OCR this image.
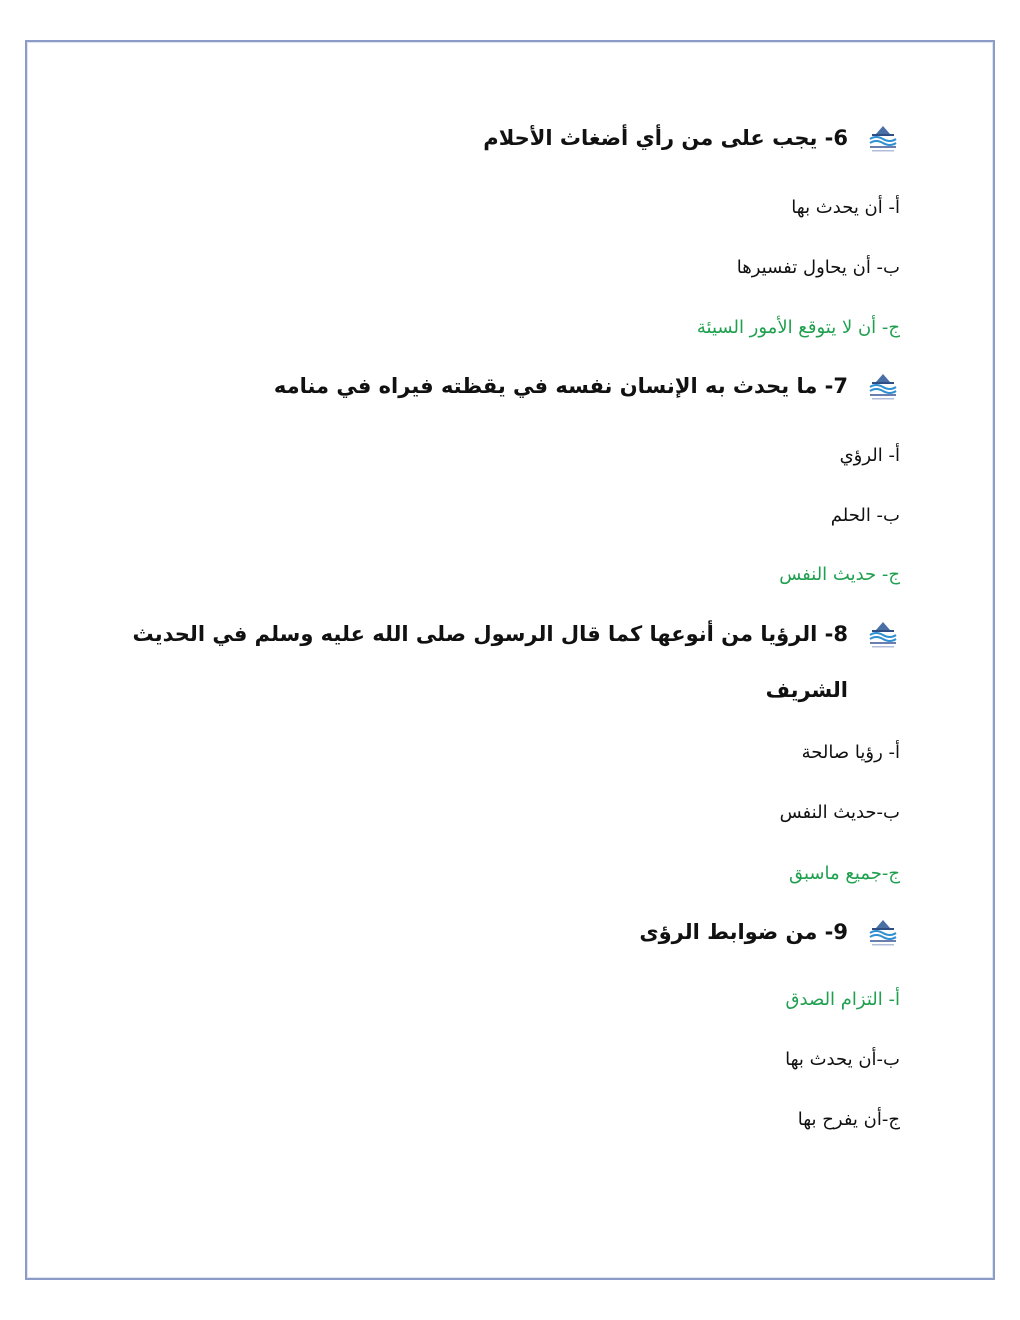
6- يجب على من رأي أضغاث الأحلام
أ- أن يحدث بها
ب- أن يحاول تفسيرها
ج- أن لا يتوقع الأمور السيئة
7- ما يحدث به الإنسان نفسه في يقظته فيراه في منامه
أ- الرؤي
ب- الحلم
ج- حديث النفس
8- الرؤيا من أنوعها كما قال الرسول صلى الله عليه وسلم في الحديث الشريف
أ- رؤيا صالحة
ب-حديث النفس
ج-جميع ماسبق
9- من ضوابط الرؤى
أ- التزام الصدق
ب-أن يحدث بها
ج-أن يفرح بها
